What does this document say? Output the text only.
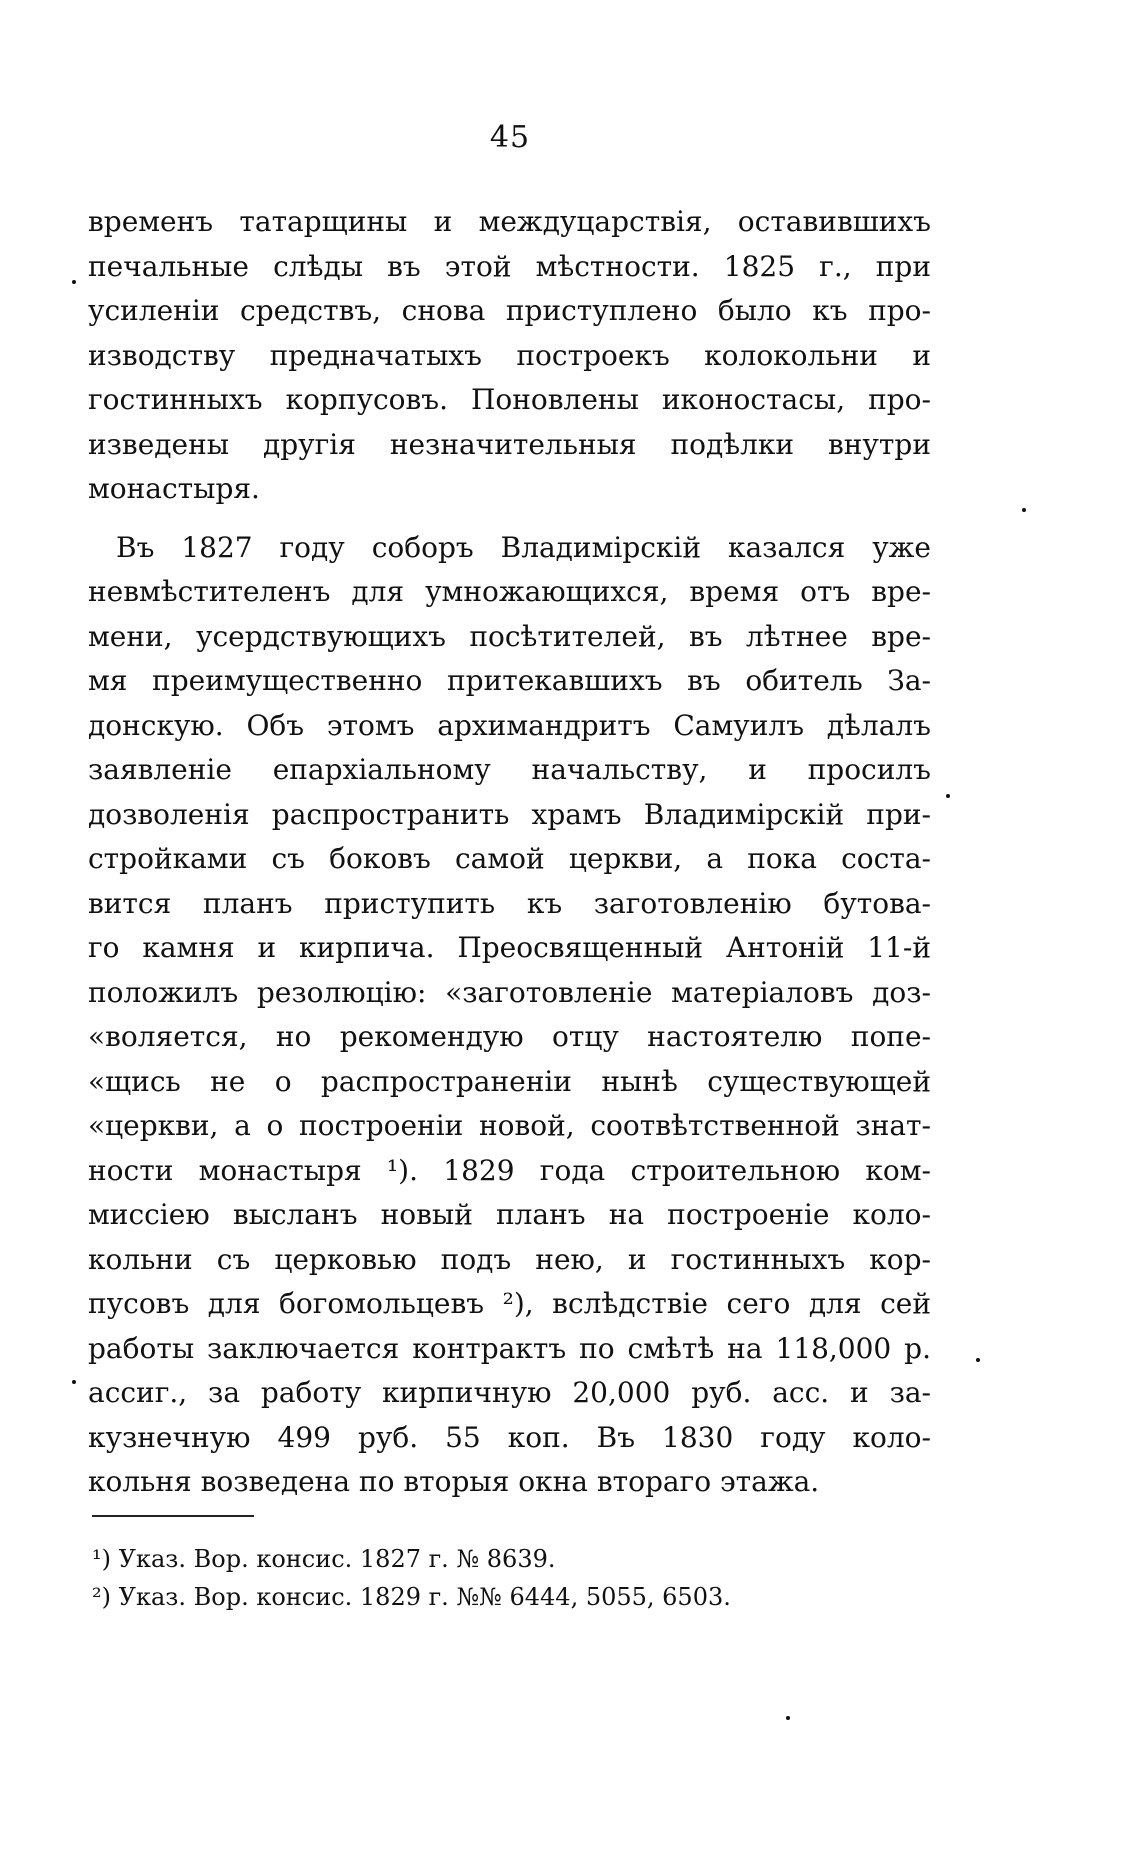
45
временъ татарщины и междуцарствія, оставившихъ
печальные слѣды въ этой мѣстности. 1825 г., при
усиленіи средствъ, снова приступлено было къ про-
изводству предначатыхъ построекъ колокольни и
гостинныхъ корпусовъ. Поновлены иконостасы, про-
изведены другія незначительныя подѣлки внутри
монастыря.
Въ 1827 году соборъ Владимірскій казался уже
невмѣстителенъ для умножающихся, время отъ вре-
мени, усердствующихъ посѣтителей, въ лѣтнее вре-
мя преимущественно притекавшихъ въ обитель За-
донскую. Объ этомъ архимандритъ Самуилъ дѣлалъ
заявленіе епархіальному начальству, и просилъ
дозволенія распространить храмъ Владимірскій при-
стройками съ боковъ самой церкви, а пока соста-
вится планъ приступить къ заготовленію бутова-
го камня и кирпича. Преосвященный Антоній 11-й
положилъ резолюцію: «заготовленіе матеріаловъ доз-
«воляется, но рекомендую отцу настоятелю попе-
«щись не о распространеніи нынѣ существующей
«церкви, а о построеніи новой, соотвѣтственной знат-
ности монастыря ¹). 1829 года строительною ком-
миссіею высланъ новый планъ на построеніе коло-
кольни съ церковью подъ нею, и гостинныхъ кор-
пусовъ для богомольцевъ ²), вслѣдствіе сего для сей
работы заключается контрактъ по смѣтѣ на 118,000 р.
ассиг., за работу кирпичную 20,000 руб. асс. и за-
кузнечную 499 руб. 55 коп. Въ 1830 году коло-
кольня возведена по вторыя окна втораго этажа.
¹) Указ. Вор. консис. 1827 г. № 8639.
²) Указ. Вор. консис. 1829 г. №№ 6444, 5055, 6503.
